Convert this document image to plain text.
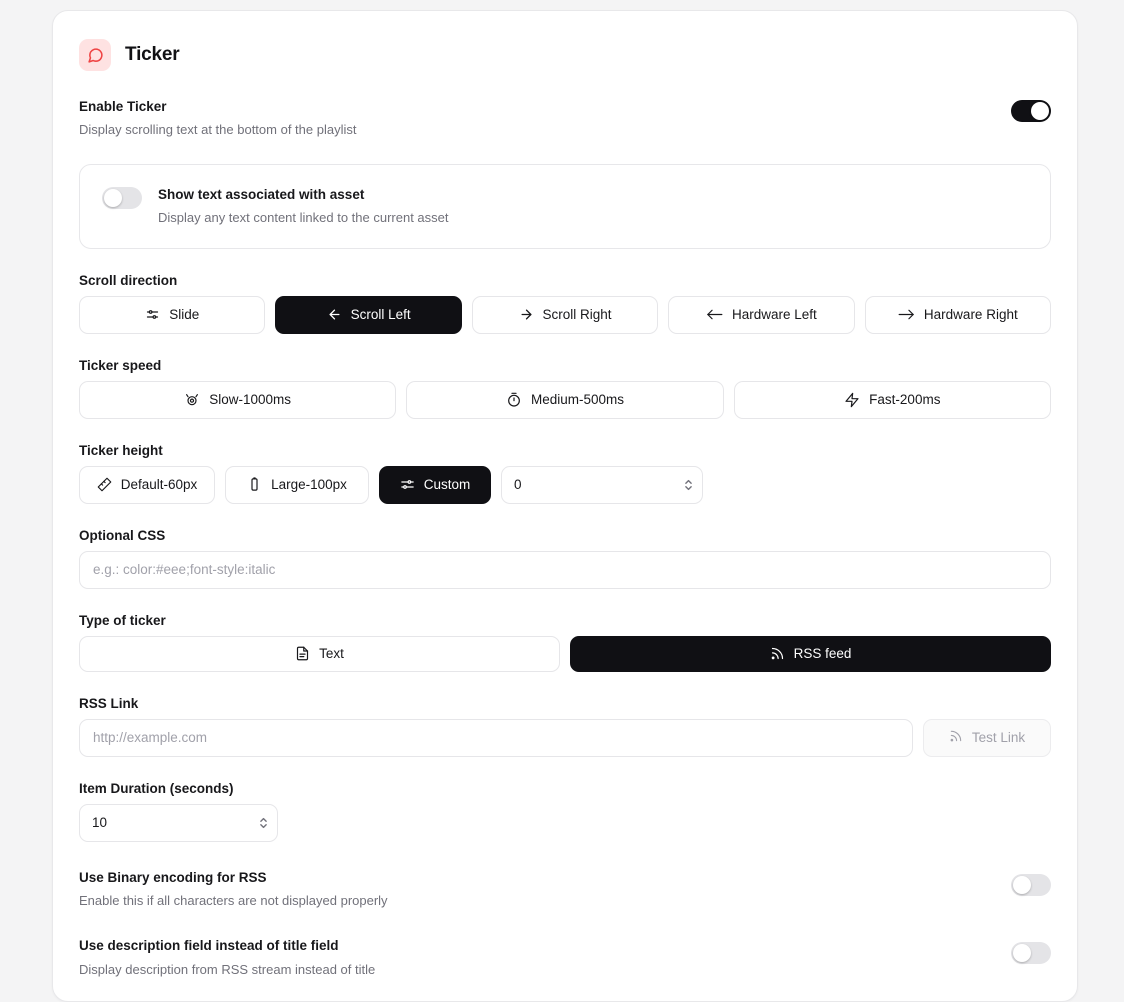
Ticker
Enable Ticker
Display scrolling text at the bottom of the playlist
Show text associated with asset
Display any text content linked to the current asset
Scroll direction
Slide	Scroll Left	Scroll Right	Hardware Left	Hardware Right
Ticker speed
Slow-1000ms	Medium-500ms	Fast-200ms
Ticker height
Default-60px	Large-100px	Custom
0
Optional CSS
e.g.: color:#eee;font-style:italic
Type of ticker
Text	RSS feed
RSS Link
http://example.com
Test Link
Item Duration (seconds)
10
Use Binary encoding for RSS
Enable this if all characters are not displayed properly
Use description field instead of title field
Display description from RSS stream instead of title
